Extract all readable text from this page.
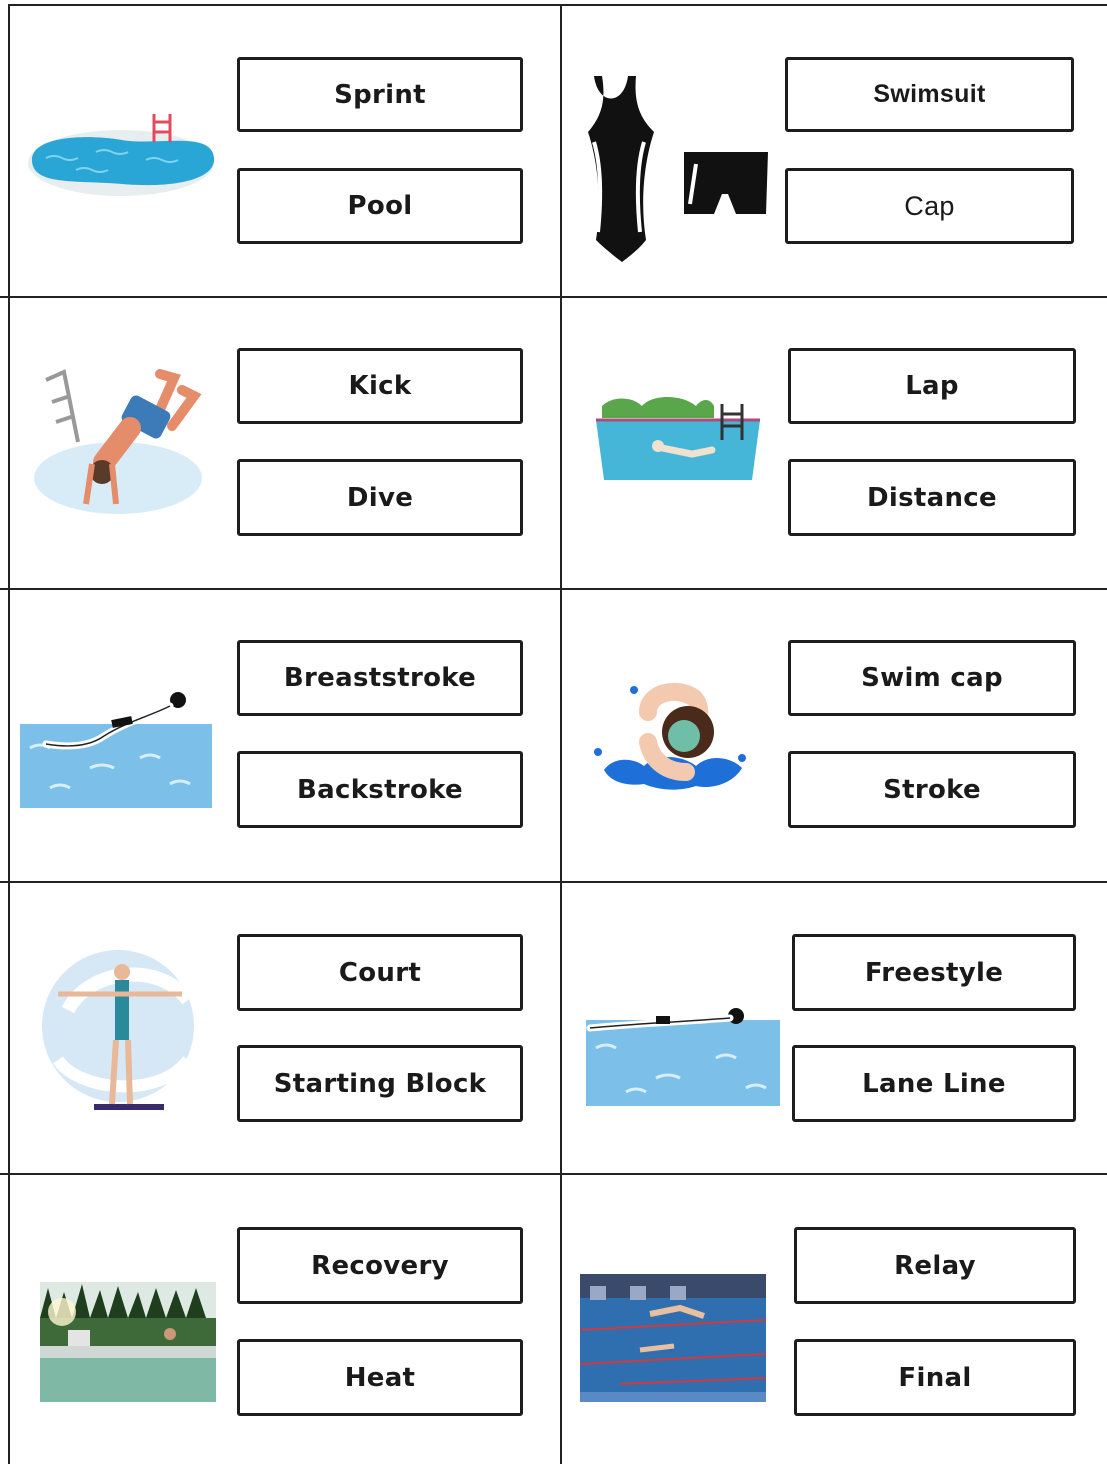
Sprint
Pool
Swimsuit
Cap
Kick
Dive
Lap
Distance
Breaststroke
Backstroke
Swim cap
Stroke
Court
Starting Block
Freestyle
Lane Line
Recovery
Heat
Relay
Final
